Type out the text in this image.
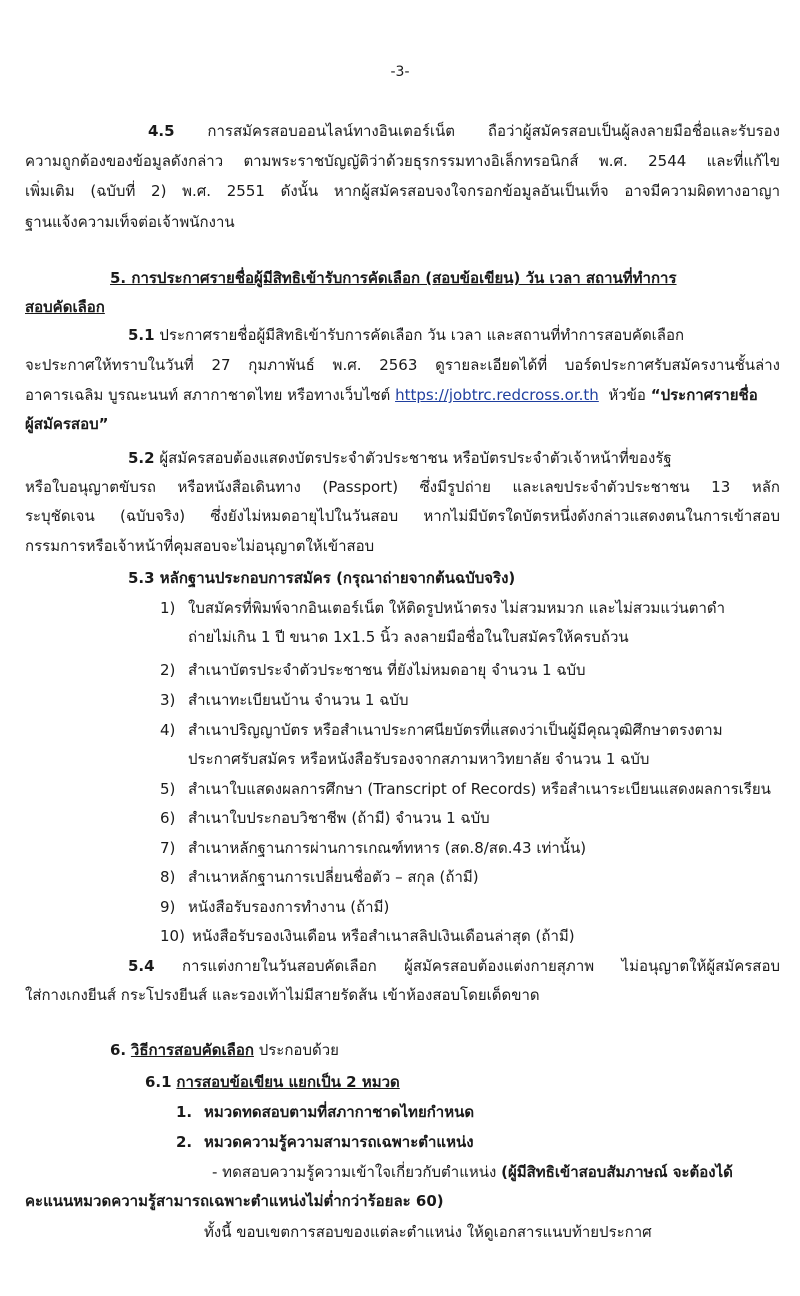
-3-
4.5 การสมัครสอบออนไลน์ทางอินเตอร์เน็ต ถือว่าผู้สมัครสอบเป็นผู้ลงลายมือชื่อและรับรอง
ความถูกต้องของข้อมูลดังกล่าว ตามพระราชบัญญัติว่าด้วยธุรกรรมทางอิเล็กทรอนิกส์ พ.ศ. 2544 และที่แก้ไข
เพิ่มเติม (ฉบับที่ 2) พ.ศ. 2551 ดังนั้น หากผู้สมัครสอบจงใจกรอกข้อมูลอันเป็นเท็จ อาจมีความผิดทางอาญา
ฐานแจ้งความเท็จต่อเจ้าพนักงาน
5. การประกาศรายชื่อผู้มีสิทธิเข้ารับการคัดเลือก (สอบข้อเขียน) วัน เวลา สถานที่ทำการ
สอบคัดเลือก
5.1 ประกาศรายชื่อผู้มีสิทธิเข้ารับการคัดเลือก วัน เวลา และสถานที่ทำการสอบคัดเลือก
จะประกาศให้ทราบในวันที่ 27 กุมภาพันธ์ พ.ศ. 2563 ดูรายละเอียดได้ที่ บอร์ดประกาศรับสมัครงานชั้นล่าง
อาคารเฉลิม บูรณะนนท์ สภากาชาดไทย หรือทางเว็บไซต์ https://jobtrc.redcross.or.th หัวข้อ “ประกาศรายชื่อ
ผู้สมัครสอบ”
5.2 ผู้สมัครสอบต้องแสดงบัตรประจำตัวประชาชน หรือบัตรประจำตัวเจ้าหน้าที่ของรัฐ
หรือใบอนุญาตขับรถ หรือหนังสือเดินทาง (Passport) ซึ่งมีรูปถ่าย และเลขประจำตัวประชาชน 13 หลัก
ระบุชัดเจน (ฉบับจริง) ซึ่งยังไม่หมดอายุไปในวันสอบ หากไม่มีบัตรใดบัตรหนึ่งดังกล่าวแสดงตนในการเข้าสอบ
กรรมการหรือเจ้าหน้าที่คุมสอบจะไม่อนุญาตให้เข้าสอบ
5.3 หลักฐานประกอบการสมัคร (กรุณาถ่ายจากต้นฉบับจริง)
1) ใบสมัครที่พิมพ์จากอินเตอร์เน็ต ให้ติดรูปหน้าตรง ไม่สวมหมวก และไม่สวมแว่นตาดำ
ถ่ายไม่เกิน 1 ปี ขนาด 1x1.5 นิ้ว ลงลายมือชื่อในใบสมัครให้ครบถ้วน
2) สำเนาบัตรประจำตัวประชาชน ที่ยังไม่หมดอายุ จำนวน 1 ฉบับ
3) สำเนาทะเบียนบ้าน จำนวน 1 ฉบับ
4) สำเนาปริญญาบัตร หรือสำเนาประกาศนียบัตรที่แสดงว่าเป็นผู้มีคุณวุฒิศึกษาตรงตาม
ประกาศรับสมัคร หรือหนังสือรับรองจากสภามหาวิทยาลัย จำนวน 1 ฉบับ
5) สำเนาใบแสดงผลการศึกษา (Transcript of Records) หรือสำเนาระเบียนแสดงผลการเรียน
6) สำเนาใบประกอบวิชาชีพ (ถ้ามี) จำนวน 1 ฉบับ
7) สำเนาหลักฐานการผ่านการเกณฑ์ทหาร (สด.8/สด.43 เท่านั้น)
8) สำเนาหลักฐานการเปลี่ยนชื่อตัว – สกุล (ถ้ามี)
9) หนังสือรับรองการทำงาน (ถ้ามี)
10) หนังสือรับรองเงินเดือน หรือสำเนาสลิปเงินเดือนล่าสุด (ถ้ามี)
5.4 การแต่งกายในวันสอบคัดเลือก ผู้สมัครสอบต้องแต่งกายสุภาพ ไม่อนุญาตให้ผู้สมัครสอบ
ใส่กางเกงยีนส์ กระโปรงยีนส์ และรองเท้าไม่มีสายรัดส้น เข้าห้องสอบโดยเด็ดขาด
6. วิธีการสอบคัดเลือก ประกอบด้วย
6.1 การสอบข้อเขียน แยกเป็น 2 หมวด
1. หมวดทดสอบตามที่สภากาชาดไทยกำหนด
2. หมวดความรู้ความสามารถเฉพาะตำแหน่ง
- ทดสอบความรู้ความเข้าใจเกี่ยวกับตำแหน่ง (ผู้มีสิทธิเข้าสอบสัมภาษณ์ จะต้องได้
คะแนนหมวดความรู้สามารถเฉพาะตำแหน่งไม่ต่ำกว่าร้อยละ 60)
ทั้งนี้ ขอบเขตการสอบของแต่ละตำแหน่ง ให้ดูเอกสารแนบท้ายประกาศ
